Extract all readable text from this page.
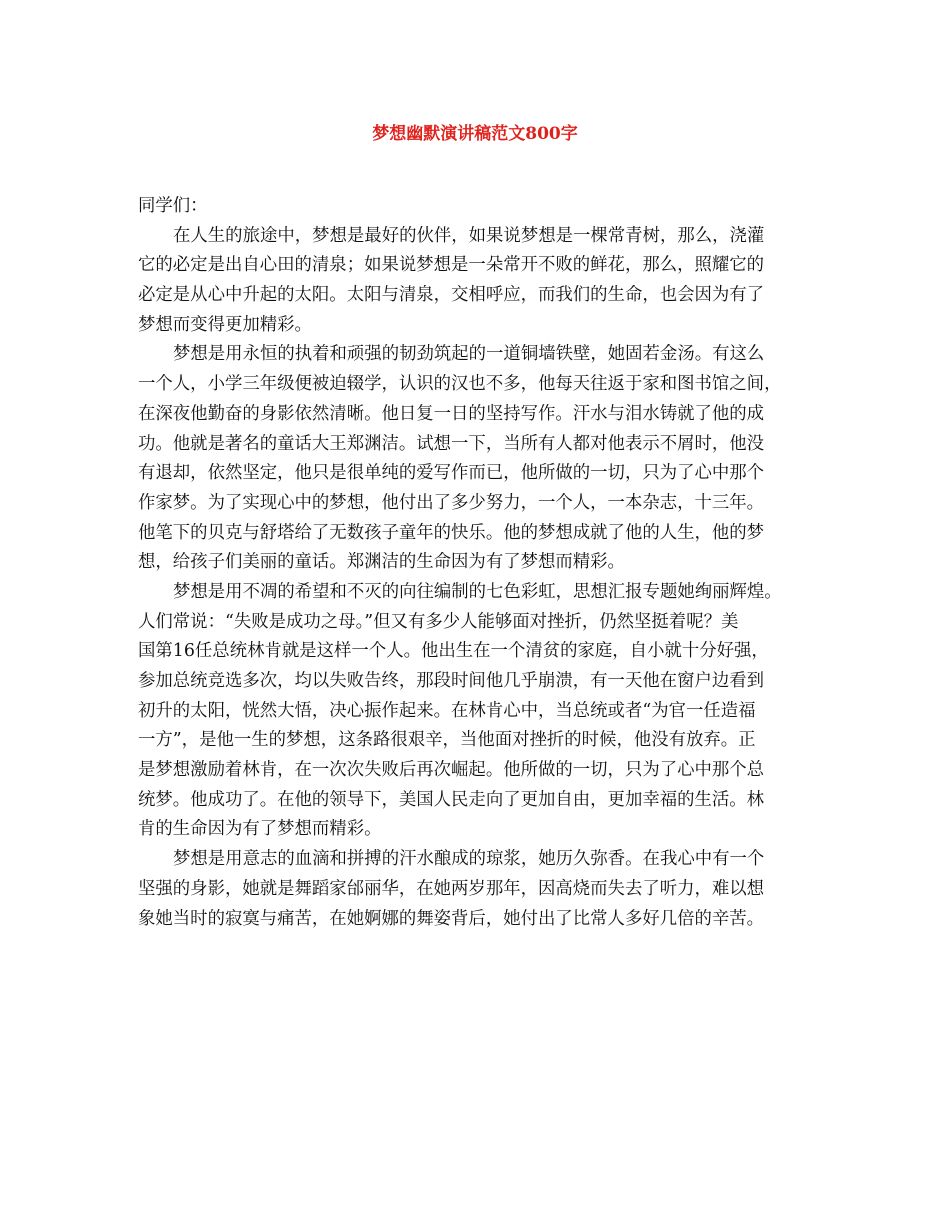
梦想幽默演讲稿范文800字
同学们：
在人生的旅途中，梦想是最好的伙伴，如果说梦想是一棵常青树，那么，浇灌
它的必定是出自心田的清泉；如果说梦想是一朵常开不败的鲜花，那么，照耀它的
必定是从心中升起的太阳。太阳与清泉，交相呼应，而我们的生命，也会因为有了
梦想而变得更加精彩。
梦想是用永恒的执着和顽强的韧劲筑起的一道铜墙铁壁，她固若金汤。有这么
一个人，小学三年级便被迫辍学，认识的汉也不多，他每天往返于家和图书馆之间，
在深夜他勤奋的身影依然清晰。他日复一日的坚持写作。汗水与泪水铸就了他的成
功。他就是著名的童话大王郑渊洁。试想一下，当所有人都对他表示不屑时，他没
有退却，依然坚定，他只是很单纯的爱写作而已，他所做的一切，只为了心中那个
作家梦。为了实现心中的梦想，他付出了多少努力，一个人，一本杂志，十三年。
他笔下的贝克与舒塔给了无数孩子童年的快乐。他的梦想成就了他的人生，他的梦
想，给孩子们美丽的童话。郑渊洁的生命因为有了梦想而精彩。
梦想是用不凋的希望和不灭的向往编制的七色彩虹，思想汇报专题她绚丽辉煌。
人们常说：“失败是成功之母。”但又有多少人能够面对挫折，仍然坚挺着呢？美
国第16任总统林肯就是这样一个人。他出生在一个清贫的家庭，自小就十分好强，
参加总统竞选多次，均以失败告终，那段时间他几乎崩溃，有一天他在窗户边看到
初升的太阳，恍然大悟，决心振作起来。在林肯心中，当总统或者“为官一任造福
一方”，是他一生的梦想，这条路很艰辛，当他面对挫折的时候，他没有放弃。正
是梦想激励着林肯，在一次次失败后再次崛起。他所做的一切，只为了心中那个总
统梦。他成功了。在他的领导下，美国人民走向了更加自由，更加幸福的生活。林
肯的生命因为有了梦想而精彩。
梦想是用意志的血滴和拼搏的汗水酿成的琼浆，她历久弥香。在我心中有一个
坚强的身影，她就是舞蹈家邰丽华，在她两岁那年，因高烧而失去了听力，难以想
象她当时的寂寞与痛苦，在她婀娜的舞姿背后，她付出了比常人多好几倍的辛苦。
